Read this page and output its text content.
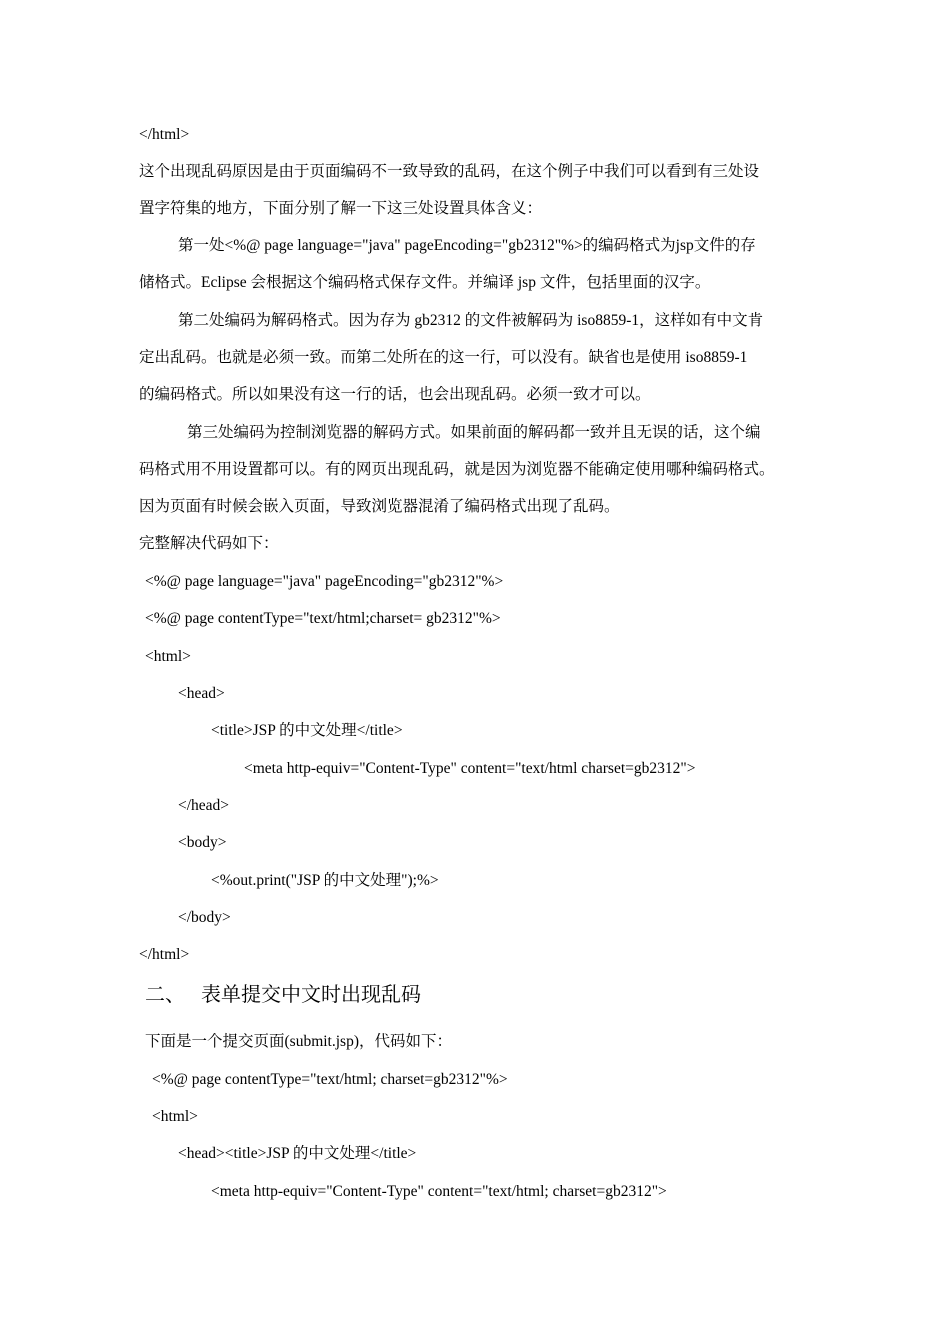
</html>
这个出现乱码原因是由于页面编码不一致导致的乱码，在这个例子中我们可以看到有三处设
置字符集的地方，下面分别了解一下这三处设置具体含义：
第一处<%@ page language="java" pageEncoding="gb2312"%>的编码格式为jsp文件的存
储格式。Eclipse 会根据这个编码格式保存文件。并编译 jsp 文件，包括里面的汉字。
第二处编码为解码格式。因为存为 gb2312 的文件被解码为 iso8859-1，这样如有中文肯
定出乱码。也就是必须一致。而第二处所在的这一行，可以没有。缺省也是使用 iso8859-1
的编码格式。所以如果没有这一行的话，也会出现乱码。必须一致才可以。
第三处编码为控制浏览器的解码方式。如果前面的解码都一致并且无误的话，这个编
码格式用不用设置都可以。有的网页出现乱码，就是因为浏览器不能确定使用哪种编码格式。
因为页面有时候会嵌入页面，导致浏览器混淆了编码格式出现了乱码。
完整解决代码如下：
<%@ page language="java" pageEncoding="gb2312"%>
<%@ page contentType="text/html;charset= gb2312"%>
<html>
<head>
<title>JSP 的中文处理</title>
<meta http-equiv="Content-Type" content="text/html charset=gb2312">
</head>
<body>
<%out.print("JSP 的中文处理");%>
</body>
</html>
二、 表单提交中文时出现乱码
下面是一个提交页面(submit.jsp)，代码如下：
<%@ page contentType="text/html; charset=gb2312"%>
<html>
<head><title>JSP 的中文处理</title>
<meta http-equiv="Content-Type" content="text/html; charset=gb2312">
